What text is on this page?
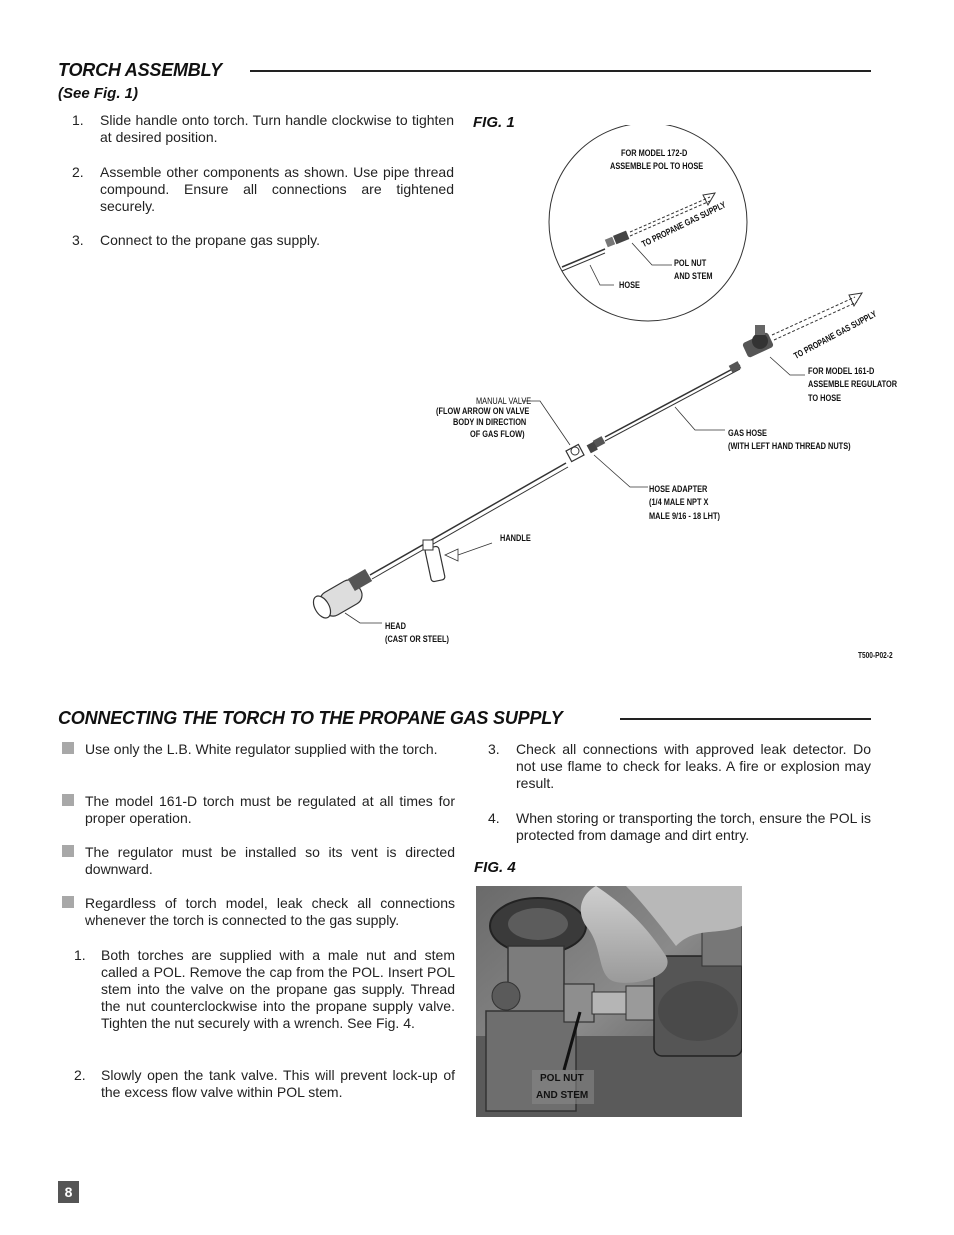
TORCH ASSEMBLY
(See Fig. 1)
1. Slide handle onto torch. Turn handle clockwise to tighten at desired position.
2. Assemble other components as shown. Use pipe thread compound. Ensure all connections are tightened securely.
3. Connect to the propane gas supply.
FIG. 1
FOR MODEL 172-D
ASSEMBLE POL TO HOSE
TO PROPANE GAS SUPPLY
POL NUT
AND STEM
HOSE
TO PROPANE GAS SUPPLY
FOR MODEL 161-D
ASSEMBLE REGULATOR
TO HOSE
MANUAL VALVE
(FLOW ARROW ON VALVE
BODY IN DIRECTION
OF GAS FLOW)	GAS HOSE
(WITH LEFT HAND THREAD NUTS)
HOSE ADAPTER
(1/4 MALE NPT X
MALE 9/16 - 18 LHT)
HANDLE
HEAD
(CAST OR STEEL)
T500-P02-2
CONNECTING THE TORCH TO THE PROPANE GAS SUPPLY
Use only the L.B. White regulator supplied with the torch.
The model 161-D torch must be regulated at all times for proper operation.
The regulator must be installed so its vent is directed downward.
Regardless of torch model, leak check all connections whenever the torch is connected to the gas supply.
1. Both torches are supplied with a male nut and stem called a POL. Remove the cap from the POL. Insert POL stem into the valve on the propane gas supply. Thread the nut counterclockwise into the propane supply valve. Tighten the nut securely with a wrench. See Fig. 4.
2. Slowly open the tank valve. This will prevent lock-up of the excess flow valve within POL stem.
3. Check all connections with approved leak detector. Do not use flame to check for leaks. A fire or explosion may result.
4. When storing or transporting the torch, ensure the POL is protected from damage and dirt entry.
FIG. 4
POL NUT
AND STEM
8
